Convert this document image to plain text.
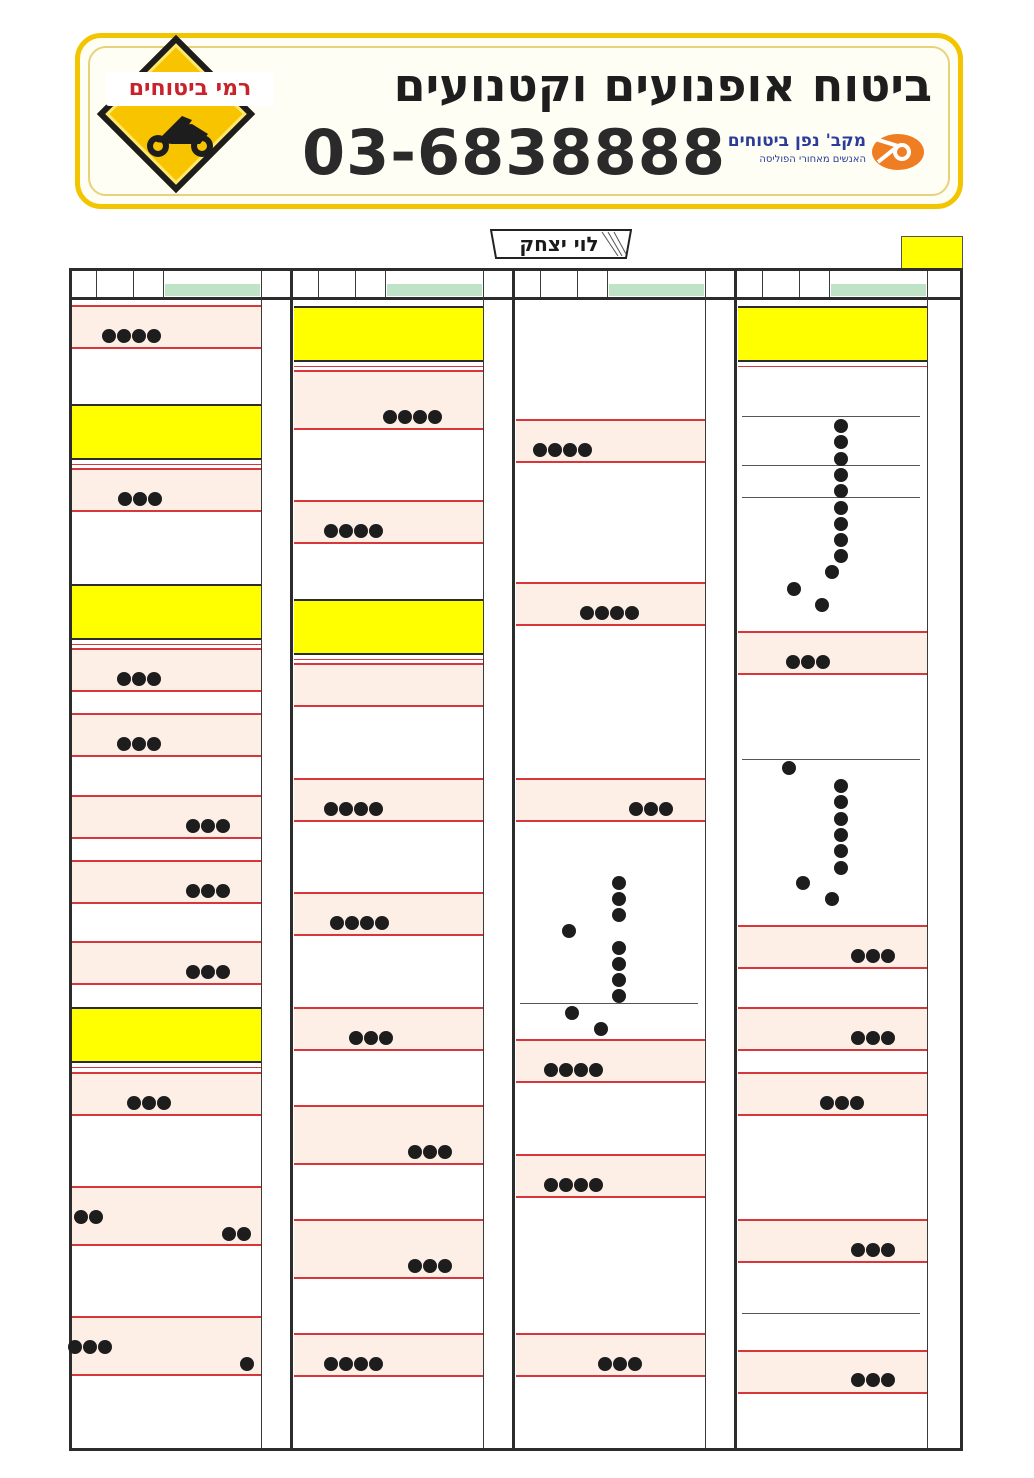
רמי ביטוחים	ביטוח אופנועים וקטנועים
03-6838888 מקב' נפן ביטוחים
האנשים מאחורי הפוליסה
לוי יצחק
